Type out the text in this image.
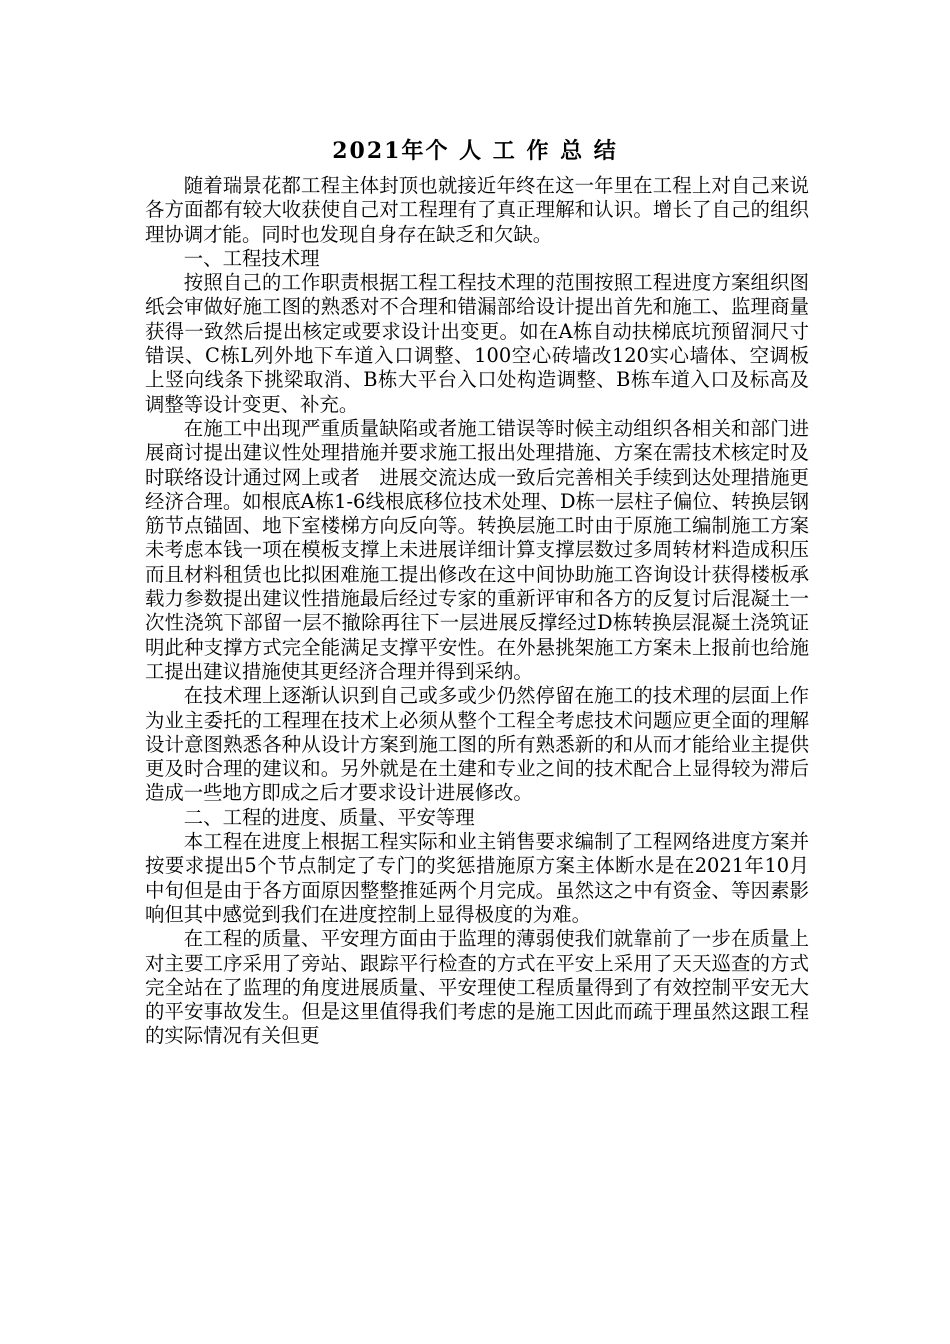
2021年个 人 工 作 总 结

随着瑞景花都工程主体封顶也就接近年终在这一年里在工程上对自己来说各方面都有较大收获使自己对工程理有了真正理解和认识。增长了自己的组织理协调才能。同时也发现自身存在缺乏和欠缺。

一、工程技术理

按照自己的工作职责根据工程工程技术理的范围按照工程进度方案组织图纸会审做好施工图的熟悉对不合理和错漏部给设计提出首先和施工、监理商量获得一致然后提出核定或要求设计出变更。如在A栋自动扶梯底坑预留洞尺寸错误、C栋L列外地下车道入口调整、100空心砖墙改120实心墙体、空调板上竖向线条下挑梁取消、B栋大平台入口处构造调整、B栋车道入口及标高及调整等设计变更、补充。

在施工中出现严重质量缺陷或者施工错误等时候主动组织各相关和部门进展商讨提出建议性处理措施并要求施工报出处理措施、方案在需技术核定时及时联络设计通过网上或者　进展交流达成一致后完善相关手续到达处理措施更经济合理。如根底A栋1-6线根底移位技术处理、D栋一层柱子偏位、转换层钢筋节点锚固、地下室楼梯方向反向等。转换层施工时由于原施工编制施工方案未考虑本钱一项在模板支撑上未进展详细计算支撑层数过多周转材料造成积压而且材料租赁也比拟困难施工提出修改在这中间协助施工咨询设计获得楼板承载力参数提出建议性措施最后经过专家的重新评审和各方的反复讨后混凝土一次性浇筑下部留一层不撤除再往下一层进展反撑经过D栋转换层混凝土浇筑证明此种支撑方式完全能满足支撑平安性。在外悬挑架施工方案未上报前也给施工提出建议措施使其更经济合理并得到采纳。

在技术理上逐渐认识到自己或多或少仍然停留在施工的技术理的层面上作为业主委托的工程理在技术上必须从整个工程全考虑技术问题应更全面的理解设计意图熟悉各种从设计方案到施工图的所有熟悉新的和从而才能给业主提供更及时合理的建议和。另外就是在土建和专业之间的技术配合上显得较为滞后造成一些地方即成之后才要求设计进展修改。

二、工程的进度、质量、平安等理

本工程在进度上根据工程实际和业主销售要求编制了工程网络进度方案并按要求提出5个节点制定了专门的奖惩措施原方案主体断水是在2021年10月中旬但是由于各方面原因整整推延两个月完成。虽然这之中有资金、等因素影响但其中感觉到我们在进度控制上显得极度的为难。

在工程的质量、平安理方面由于监理的薄弱使我们就靠前了一步在质量上对主要工序采用了旁站、跟踪平行检查的方式在平安上采用了天天巡查的方式完全站在了监理的角度进展质量、平安理使工程质量得到了有效控制平安无大的平安事故发生。但是这里值得我们考虑的是施工因此而疏于理虽然这跟工程的实际情况有关但更
